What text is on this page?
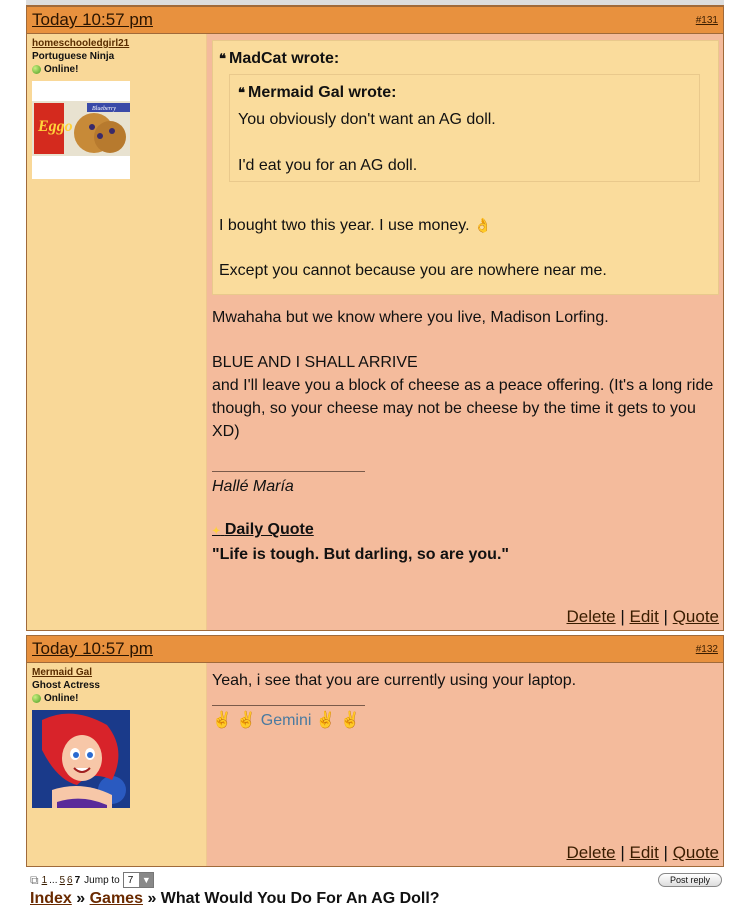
Today 10:57 pm	#131
homeschooledgirl21
Portuguese Ninja
Online!
Eggo
Blueberry
❝ MadCat wrote:
❝ Mermaid Gal wrote:

You obviously don't want an AG doll.

I'd eat you for an AG doll.

I bought two this year. I use money. 👌

Except you cannot because you are nowhere near me.

Mwahaha but we know where you live, Madison Lorfing.

BLUE AND I SHALL ARRIVE

and I'll leave you a block of cheese as a peace offering. (It's a long ride though, so your cheese may not be cheese by the time it gets to you XD)

Hallé María

✦ Daily Quote

"Life is tough. But darling, so are you."

Delete | Edit | Quote
Today 10:57 pm	#132
Mermaid Gal
Ghost Actress
Online!

Yeah, i see that you are currently using your laptop.

✌ ✌ Gemini ✌ ✌

Delete | Edit | Quote
⧉ 1 ... 5 6 7 Jump to 7 ▼	Post reply
Index » Games » What Would You Do For An AG Doll?
